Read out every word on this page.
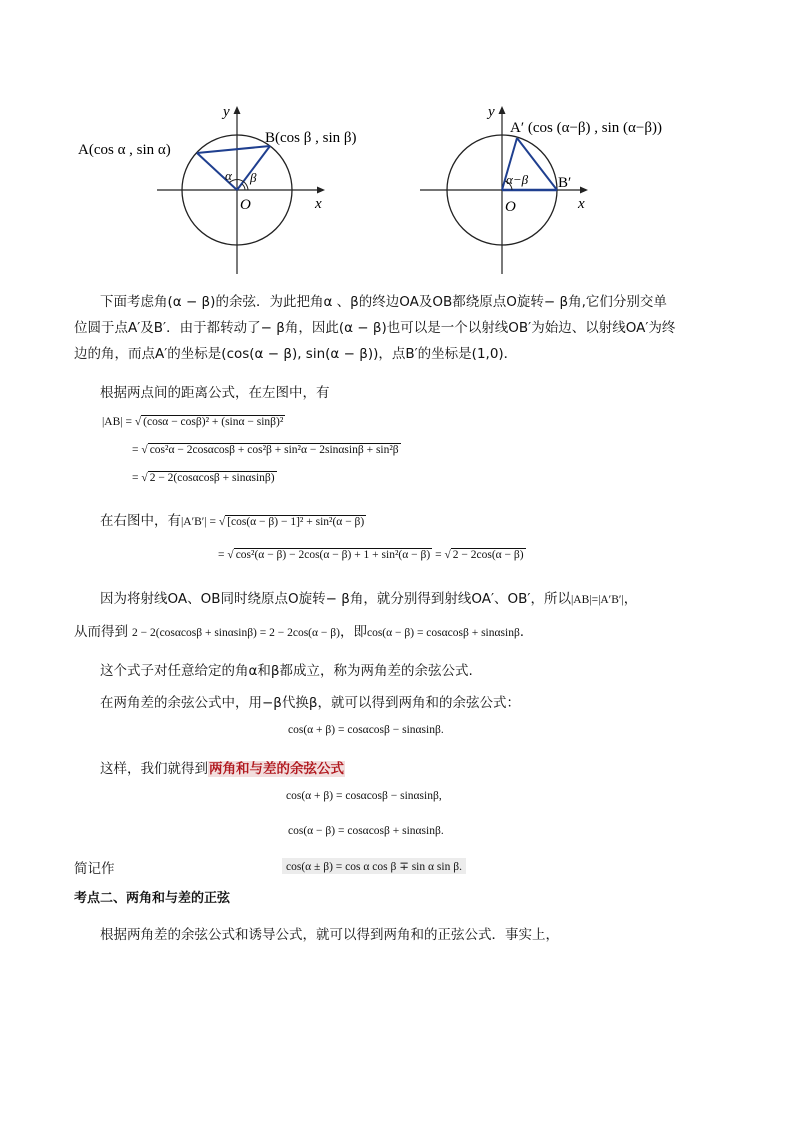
y
x
O
A(cos α , sin α)
B(cos β , sin β)
α β
y
x
O
A′ (cos (α−β) , sin (α−β))
B′
α−β
下面考虑角(α − β)的余弦．为此把角α 、β的终边OA及OB都绕原点O旋转− β角,它们分别交单
位圆于点A′及B′．由于都转动了− β角，因此(α − β)也可以是一个以射线OB′为始边、以射线OA′为终
边的角，而点A′的坐标是(cos(α − β), sin(α − β))，点B′的坐标是(1,0)．
根据两点间的距离公式，在左图中，有
|AB| = √ (cosα − cosβ)² + (sinα − sinβ)²
= √ cos²α − 2cosαcosβ + cos²β + sin²α − 2sinαsinβ + sin²β
= √ 2 − 2(cosαcosβ + sinαsinβ)
在右图中，有|A′B′| = √ [cos(α − β) − 1]² + sin²(α − β)
= √ cos²(α − β) − 2cos(α − β) + 1 + sin²(α − β) = √ 2 − 2cos(α − β)
因为将射线OA、OB同时绕原点O旋转− β角，就分别得到射线OA′、OB′，所以|AB|=|A′B′|，
从而得到 2 − 2(cosαcosβ + sinαsinβ) = 2 − 2cos(α − β)，即cos(α − β) = cosαcosβ + sinαsinβ.
这个式子对任意给定的角α和β都成立，称为两角差的余弦公式.
在两角差的余弦公式中，用−β代换β，就可以得到两角和的余弦公式：
cos(α + β) = cosαcosβ − sinαsinβ.
这样，我们就得到两角和与差的余弦公式
cos(α + β) = cosαcosβ − sinαsinβ,
cos(α − β) = cosαcosβ + sinαsinβ.
简记作	cos(α ± β) = cos α cos β ∓ sin α sin β.
考点二、两角和与差的正弦
根据两角差的余弦公式和诱导公式，就可以得到两角和的正弦公式．事实上，
